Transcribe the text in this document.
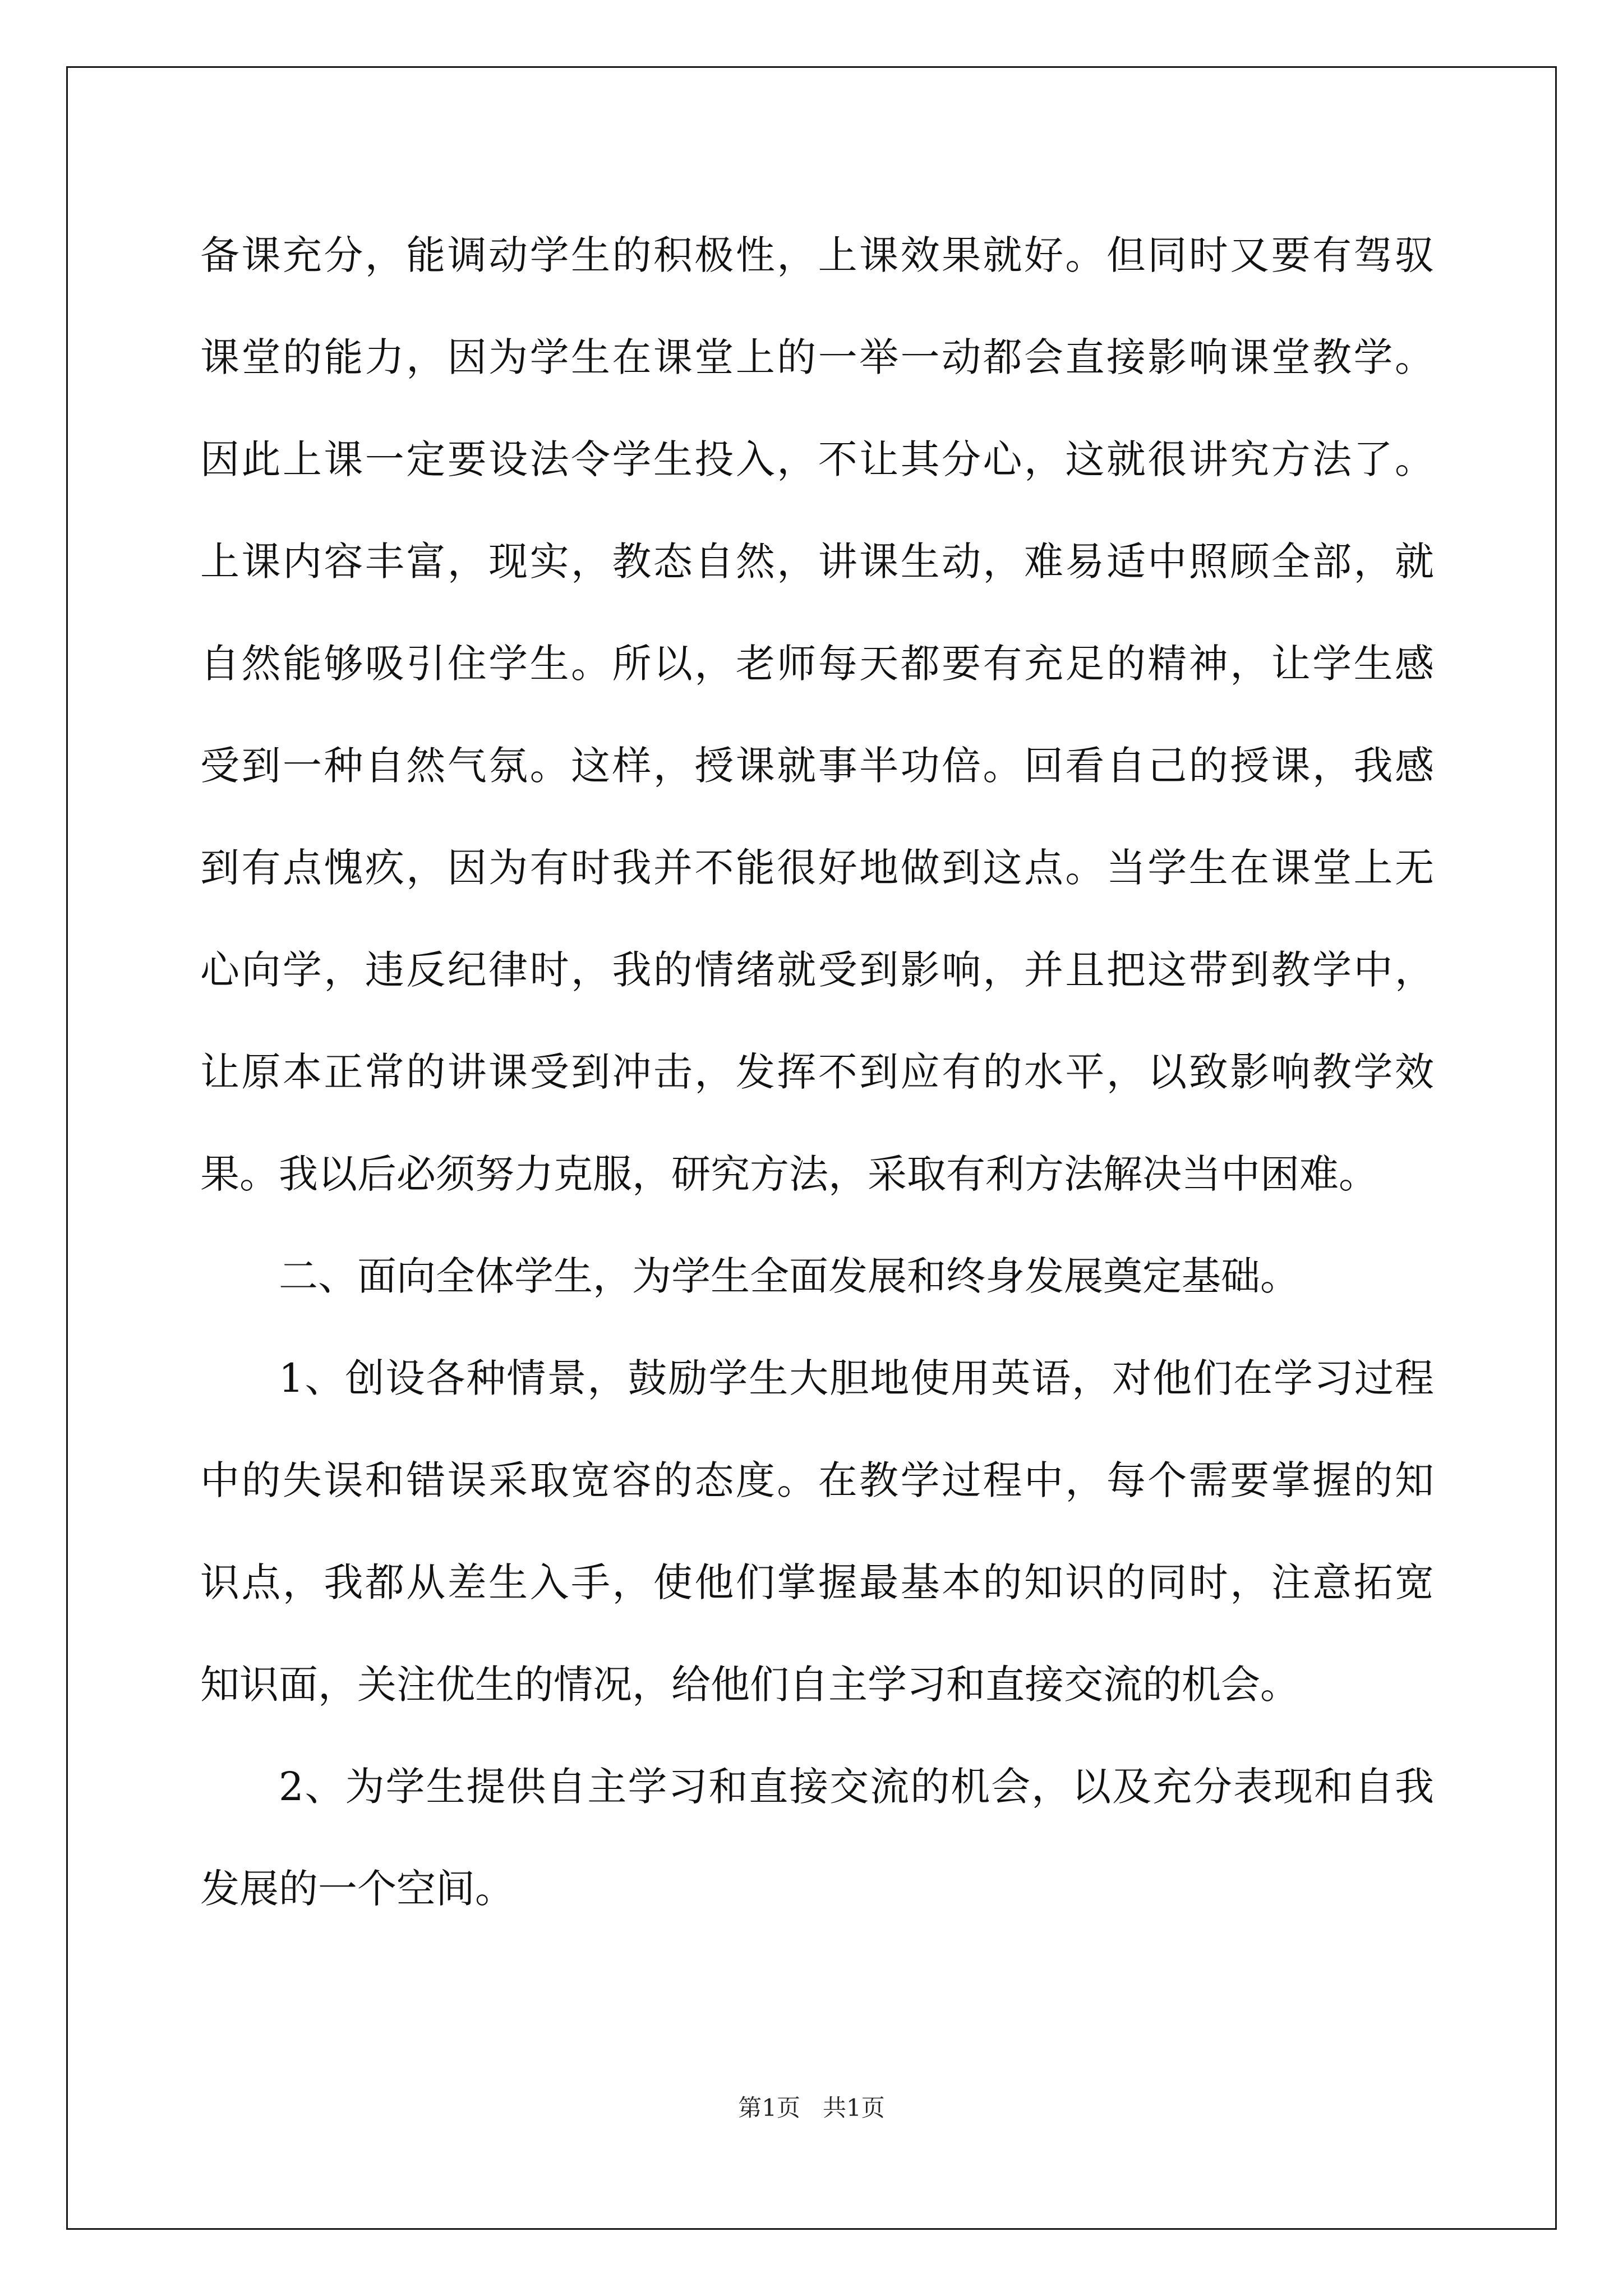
备课充分，能调动学生的积极性，上课效果就好。但同时又要有驾驭
课堂的能力，因为学生在课堂上的一举一动都会直接影响课堂教学。
因此上课一定要设法令学生投入，不让其分心，这就很讲究方法了。
上课内容丰富，现实，教态自然，讲课生动，难易适中照顾全部，就
自然能够吸引住学生。所以，老师每天都要有充足的精神，让学生感
受到一种自然气氛。这样，授课就事半功倍。回看自己的授课，我感
到有点愧疚，因为有时我并不能很好地做到这点。当学生在课堂上无
心向学，违反纪律时，我的情绪就受到影响，并且把这带到教学中，
让原本正常的讲课受到冲击，发挥不到应有的水平，以致影响教学效
果。我以后必须努力克服，研究方法，采取有利方法解决当中困难。
二、面向全体学生，为学生全面发展和终身发展奠定基础。
1、创设各种情景，鼓励学生大胆地使用英语，对他们在学习过程
中的失误和错误采取宽容的态度。在教学过程中，每个需要掌握的知
识点，我都从差生入手，使他们掌握最基本的知识的同时，注意拓宽
知识面，关注优生的情况，给他们自主学习和直接交流的机会。
2、为学生提供自主学习和直接交流的机会，以及充分表现和自我
发展的一个空间。
第1页   共1页
